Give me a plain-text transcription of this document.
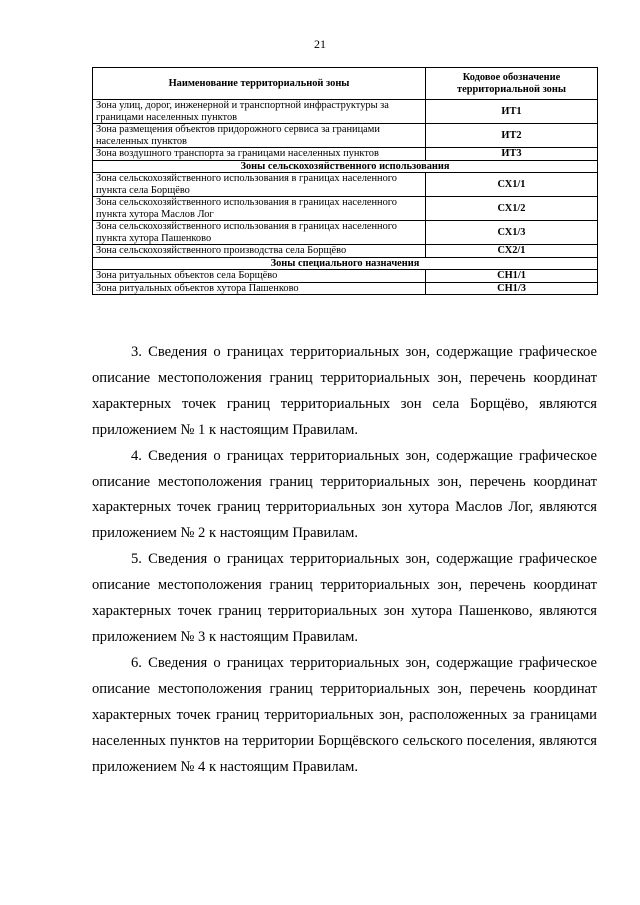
21
Наименование территориальной зоны	Кодовое обозначение территориальной зоны
Зона улиц, дорог, инженерной и транспортной инфраструктуры за границами населенных пунктов	ИТ1
Зона размещения объектов придорожного сервиса за границами населенных пунктов	ИТ2
Зона воздушного транспорта за границами населенных пунктов	ИТ3
Зоны сельскохозяйственного использования	
Зона сельскохозяйственного использования в границах населенного пункта села Борщёво	СХ1/1
Зона сельскохозяйственного использования в границах населенного пункта хутора Маслов Лог	СХ1/2
Зона сельскохозяйственного использования в границах населенного пункта хутора Пашенково	СХ1/3
Зона сельскохозяйственного производства села Борщёво	СХ2/1
Зоны специального назначения	
Зона ритуальных объектов села Борщёво	СН1/1
Зона ритуальных объектов хутора Пашенково	СН1/3

3. Сведения о границах территориальных зон, содержащие графическое описание местоположения границ территориальных зон, перечень координат характерных точек границ территориальных зон села Борщёво, являются приложением № 1 к настоящим Правилам.

4. Сведения о границах территориальных зон, содержащие графическое описание местоположения границ территориальных зон, перечень координат характерных точек границ территориальных зон хутора Маслов Лог, являются приложением № 2 к настоящим Правилам.

5. Сведения о границах территориальных зон, содержащие графическое описание местоположения границ территориальных зон, перечень координат характерных точек границ территориальных зон хутора Пашенково, являются приложением № 3 к настоящим Правилам.

6. Сведения о границах территориальных зон, содержащие графическое описание местоположения границ территориальных зон, перечень координат характерных точек границ территориальных зон, расположенных за границами населенных пунктов на территории Борщёвского сельского поселения, являются приложением № 4 к настоящим Правилам.
